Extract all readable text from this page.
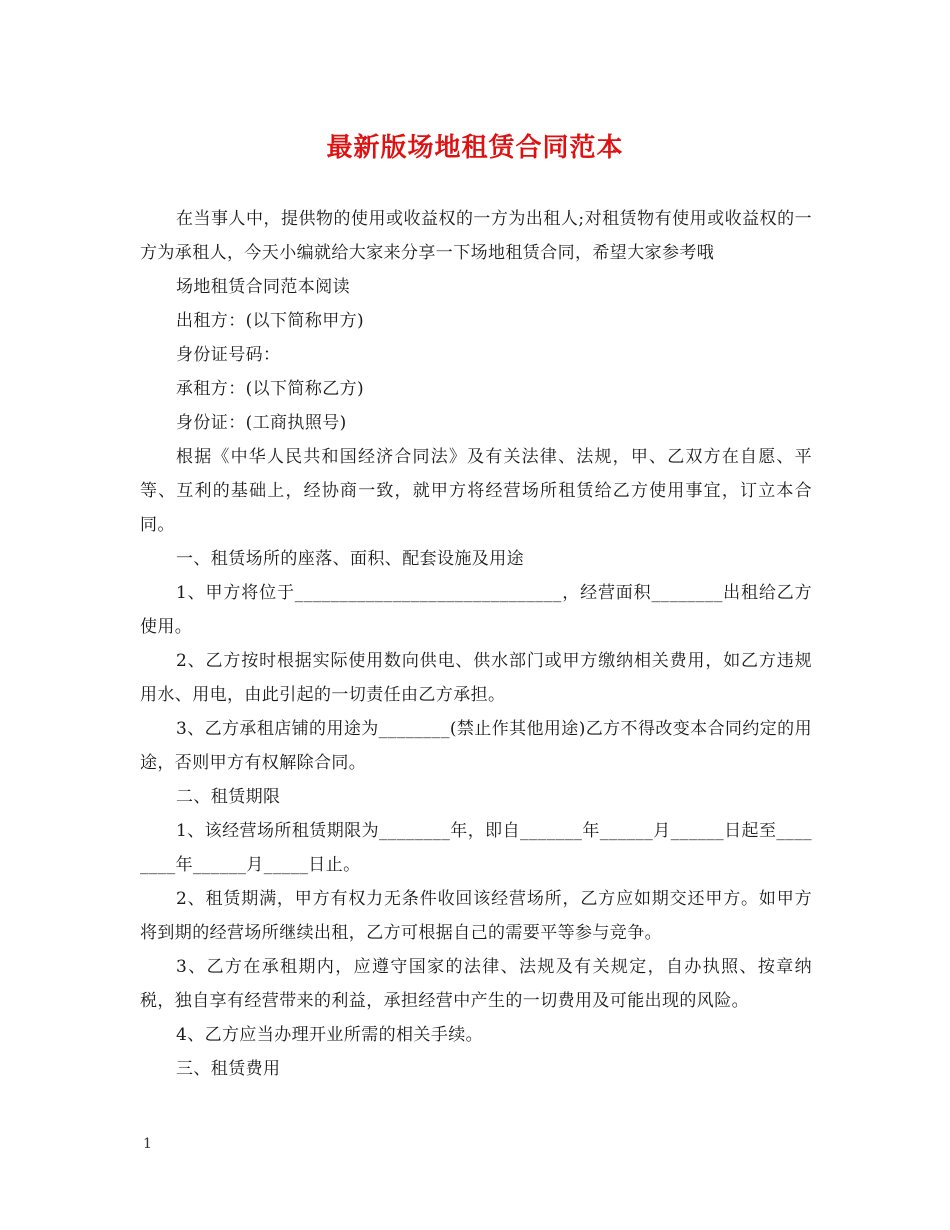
最新版场地租赁合同范本

在当事人中，提供物的使用或收益权的一方为出租人;对租赁物有使用或收益权的一方为承租人，今天小编就给大家来分享一下场地租赁合同，希望大家参考哦

场地租赁合同范本阅读

出租方：(以下简称甲方)

身份证号码：

承租方：(以下简称乙方)

身份证：(工商执照号)

根据《中华人民共和国经济合同法》及有关法律、法规，甲、乙双方在自愿、平等、互利的基础上，经协商一致，就甲方将经营场所租赁给乙方使用事宜，订立本合同。

一、租赁场所的座落、面积、配套设施及用途

1、甲方将位于______________________________，经营面积________出租给乙方使用。

2、乙方按时根据实际使用数向供电、供水部门或甲方缴纳相关费用，如乙方违规用水、用电，由此引起的一切责任由乙方承担。

3、乙方承租店铺的用途为________(禁止作其他用途)乙方不得改变本合同约定的用途，否则甲方有权解除合同。

二、租赁期限

1、该经营场所租赁期限为________年，即自_______年______月______日起至________年______月_____日止。

2、租赁期满，甲方有权力无条件收回该经营场所，乙方应如期交还甲方。如甲方将到期的经营场所继续出租，乙方可根据自己的需要平等参与竞争。

3、乙方在承租期内，应遵守国家的法律、法规及有关规定，自办执照、按章纳税，独自享有经营带来的利益，承担经营中产生的一切费用及可能出现的风险。

4、乙方应当办理开业所需的相关手续。

三、租赁费用

1
